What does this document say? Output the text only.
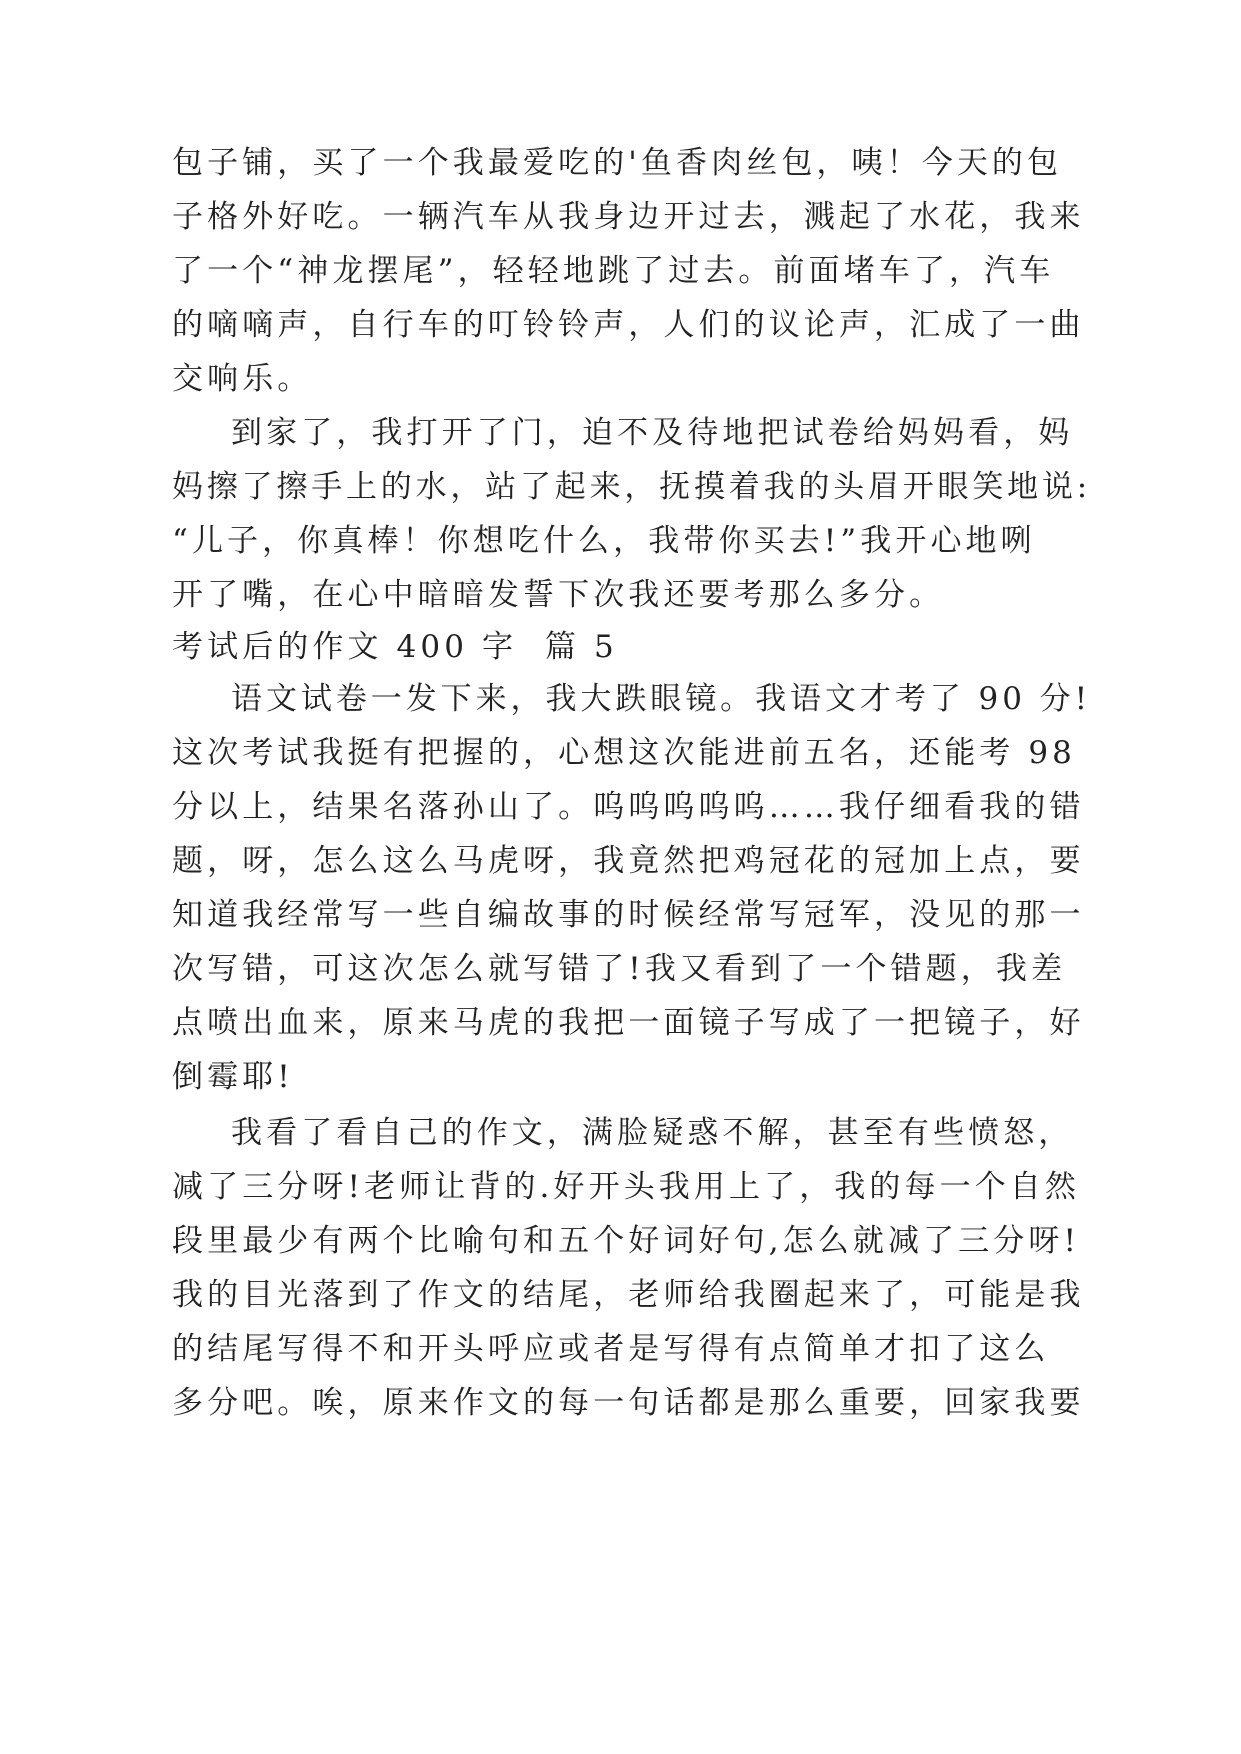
包子铺，买了一个我最爱吃的'鱼香肉丝包，咦！今天的包
子格外好吃。一辆汽车从我身边开过去，溅起了水花，我来
了一个“神龙摆尾”，轻轻地跳了过去。前面堵车了，汽车
的嘀嘀声，自行车的叮铃铃声，人们的议论声，汇成了一曲
交响乐。
到家了，我打开了门，迫不及待地把试卷给妈妈看，妈
妈擦了擦手上的水，站了起来，抚摸着我的头眉开眼笑地说:
“儿子，你真棒！你想吃什么，我带你买去!”我开心地咧
开了嘴，在心中暗暗发誓下次我还要考那么多分。
考试后的作文 400 字  篇 5
语文试卷一发下来，我大跌眼镜。我语文才考了 90 分!
这次考试我挺有把握的，心想这次能进前五名，还能考 98
分以上，结果名落孙山了。呜呜呜呜呜……我仔细看我的错
题，呀，怎么这么马虎呀，我竟然把鸡冠花的冠加上点，要
知道我经常写一些自编故事的时候经常写冠军，没见的那一
次写错，可这次怎么就写错了!我又看到了一个错题，我差
点喷出血来，原来马虎的我把一面镜子写成了一把镜子，好
倒霉耶!
我看了看自己的作文，满脸疑惑不解，甚至有些愤怒，
减了三分呀!老师让背的.好开头我用上了，我的每一个自然
段里最少有两个比喻句和五个好词好句,怎么就减了三分呀!
我的目光落到了作文的结尾，老师给我圈起来了，可能是我
的结尾写得不和开头呼应或者是写得有点简单才扣了这么
多分吧。唉，原来作文的每一句话都是那么重要，回家我要
